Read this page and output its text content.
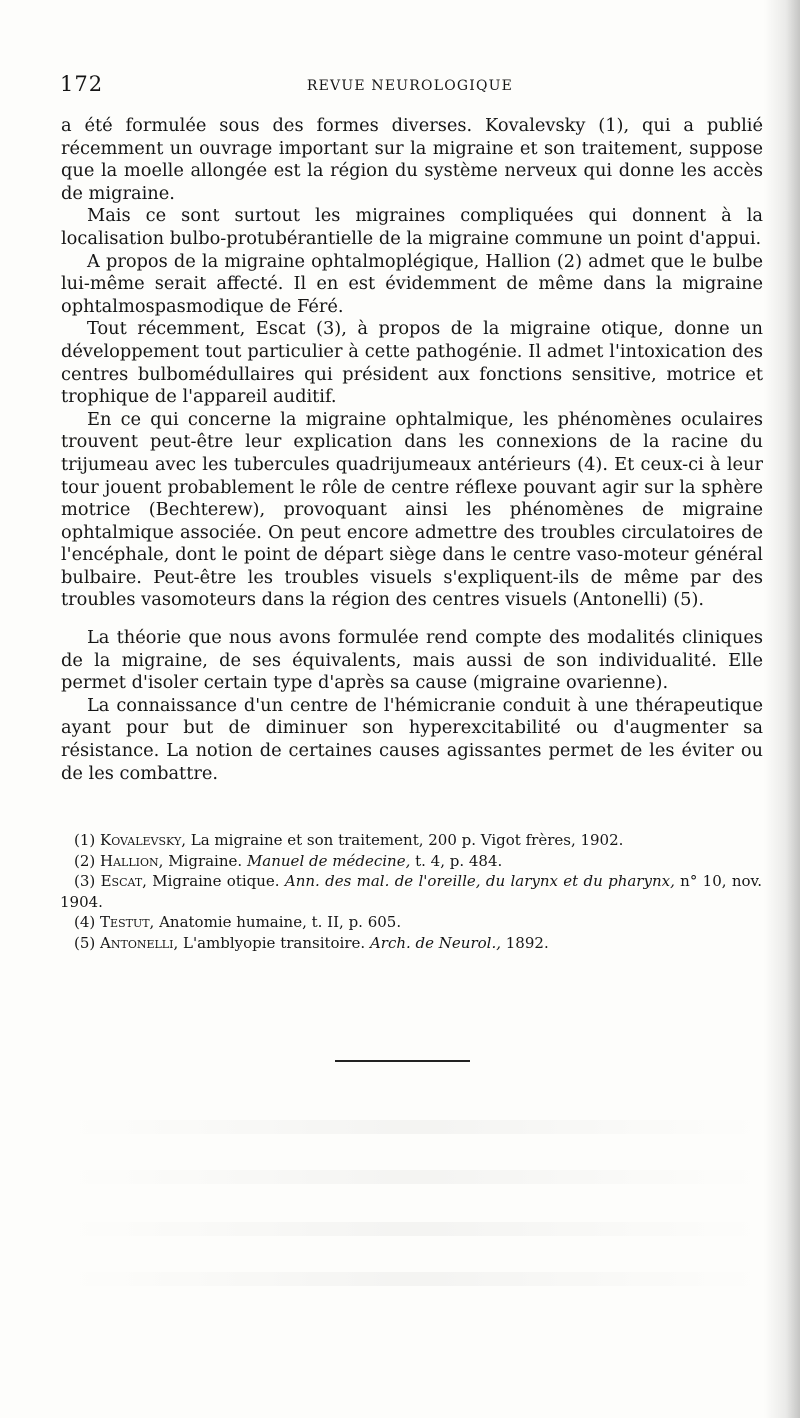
172	REVUE NEUROLOGIQUE

a été formulée sous des formes diverses. Kovalevsky (1), qui a publié récemment un ouvrage important sur la migraine et son traitement, suppose que la moelle allongée est la région du système nerveux qui donne les accès de migraine.

Mais ce sont surtout les migraines compliquées qui donnent à la localisation bulbo-protubérantielle de la migraine commune un point d'appui.

A propos de la migraine ophtalmoplégique, Hallion (2) admet que le bulbe lui-même serait affecté. Il en est évidemment de même dans la migraine ophtalmospasmodique de Féré.

Tout récemment, Escat (3), à propos de la migraine otique, donne un développement tout particulier à cette pathogénie. Il admet l'intoxication des centres bulbomédullaires qui président aux fonctions sensitive, motrice et trophique de l'appareil auditif.

En ce qui concerne la migraine ophtalmique, les phénomènes oculaires trouvent peut-être leur explication dans les connexions de la racine du trijumeau avec les tubercules quadrijumeaux antérieurs (4). Et ceux-ci à leur tour jouent probablement le rôle de centre réflexe pouvant agir sur la sphère motrice (Bechterew), provoquant ainsi les phénomènes de migraine ophtalmique associée. On peut encore admettre des troubles circulatoires de l'encéphale, dont le point de départ siège dans le centre vaso-moteur général bulbaire. Peut-être les troubles visuels s'expliquent-ils de même par des troubles vasomoteurs dans la région des centres visuels (Antonelli) (5).

La théorie que nous avons formulée rend compte des modalités cliniques de la migraine, de ses équivalents, mais aussi de son individualité. Elle permet d'isoler certain type d'après sa cause (migraine ovarienne).

La connaissance d'un centre de l'hémicranie conduit à une thérapeutique ayant pour but de diminuer son hyperexcitabilité ou d'augmenter sa résistance. La notion de certaines causes agissantes permet de les éviter ou de les combattre.

(1) Kovalevsky, La migraine et son traitement, 200 p. Vigot frères, 1902.

(2) Hallion, Migraine. Manuel de médecine, t. 4, p. 484.

(3) Escat, Migraine otique. Ann. des mal. de l'oreille, du larynx et du pharynx, n° 10, nov. 1904.

(4) Testut, Anatomie humaine, t. II, p. 605.

(5) Antonelli, L'amblyopie transitoire. Arch. de Neurol., 1892.
